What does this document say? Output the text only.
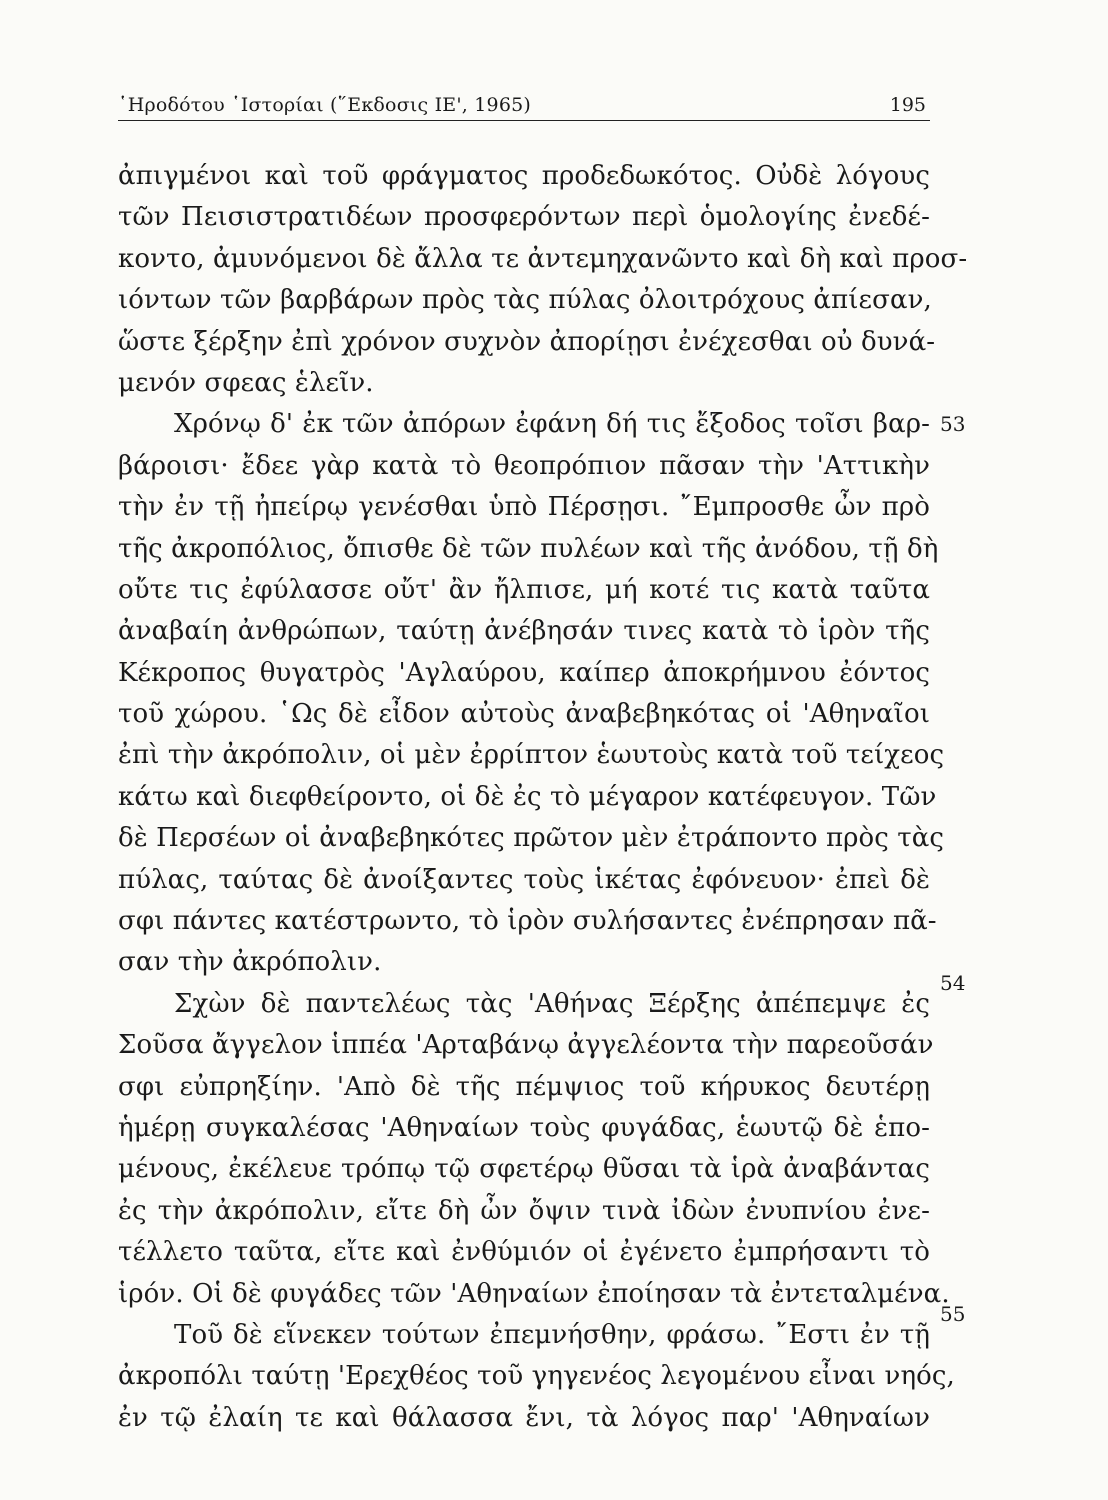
῾Ηροδότου ῾Ιστορίαι (῞Εκδοσις ΙΕ', 1965)	195
ἀπιγμένοι καὶ τοῦ φράγματος προδεδωκότος. Οὐδὲ λόγους
τῶν Πεισιστρατιδέων προσφερόντων περὶ ὁμολογίης ἐνεδέ-
κοντο, ἀμυνόμενοι δὲ ἄλλα τε ἀντεμηχανῶντο καὶ δὴ καὶ προσ-
ιόντων τῶν βαρβάρων πρὸς τὰς πύλας ὀλοιτρόχους ἀπίεσαν,
ὥστε ξέρξην ἐπὶ χρόνον συχνὸν ἀπορίῃσι ἐνέχεσθαι οὐ δυνά-
μενόν σφεας ἑλεῖν.
Χρόνῳ δ' ἐκ τῶν ἀπόρων ἐφάνη δή τις ἔξοδος τοῖσι βαρ-
βάροισι· ἔδεε γὰρ κατὰ τὸ θεοπρόπιον πᾶσαν τὴν 'Αττικὴν
τὴν ἐν τῇ ἠπείρῳ γενέσθαι ὑπὸ Πέρσῃσι. ῎Εμπροσθε ὦν πρὸ
τῆς ἀκροπόλιος, ὄπισθε δὲ τῶν πυλέων καὶ τῆς ἀνόδου, τῇ δὴ
οὔτε τις ἐφύλασσε οὔτ' ἂν ἤλπισε, μή κοτέ τις κατὰ ταῦτα
ἀναβαίη ἀνθρώπων, ταύτῃ ἀνέβησάν τινες κατὰ τὸ ἱρὸν τῆς
Κέκροπος θυγατρὸς 'Αγλαύρου, καίπερ ἀποκρήμνου ἐόντος
τοῦ χώρου. ῾Ως δὲ εἶδον αὐτοὺς ἀναβεβηκότας οἱ 'Αθηναῖοι
ἐπὶ τὴν ἀκρόπολιν, οἱ μὲν ἐρρίπτον ἑωυτοὺς κατὰ τοῦ τείχεος
κάτω καὶ διεφθείροντο, οἱ δὲ ἐς τὸ μέγαρον κατέφευγον. Τῶν
δὲ Περσέων οἱ ἀναβεβηκότες πρῶτον μὲν ἐτράποντο πρὸς τὰς
πύλας, ταύτας δὲ ἀνοίξαντες τοὺς ἱκέτας ἐφόνευον· ἐπεὶ δὲ
σφι πάντες κατέστρωντο, τὸ ἱρὸν συλήσαντες ἐνέπρησαν πᾶ-
σαν τὴν ἀκρόπολιν.
Σχὼν δὲ παντελέως τὰς 'Αθήνας Ξέρξης ἀπέπεμψε ἐς
Σοῦσα ἄγγελον ἱππέα 'Αρταβάνῳ ἀγγελέοντα τὴν παρεοῦσάν
σφι εὐπρηξίην. 'Απὸ δὲ τῆς πέμψιος τοῦ κήρυκος δευτέρῃ
ἡμέρῃ συγκαλέσας 'Αθηναίων τοὺς φυγάδας, ἑωυτῷ δὲ ἑπο-
μένους, ἐκέλευε τρόπῳ τῷ σφετέρῳ θῦσαι τὰ ἱρὰ ἀναβάντας
ἐς τὴν ἀκρόπολιν, εἴτε δὴ ὦν ὄψιν τινὰ ἰδὼν ἐνυπνίου ἐνε-
τέλλετο ταῦτα, εἴτε καὶ ἐνθύμιόν οἱ ἐγένετο ἐμπρήσαντι τὸ
ἱρόν. Οἱ δὲ φυγάδες τῶν 'Αθηναίων ἐποίησαν τὰ ἐντεταλμένα.
Τοῦ δὲ εἵνεκεν τούτων ἐπεμνήσθην, φράσω. ῎Εστι ἐν τῇ
ἀκροπόλι ταύτῃ 'Ερεχθέος τοῦ γηγενέος λεγομένου εἶναι νηός,
ἐν τῷ ἐλαίη τε καὶ θάλασσα ἔνι, τὰ λόγος παρ' 'Αθηναίων
53
54
55
